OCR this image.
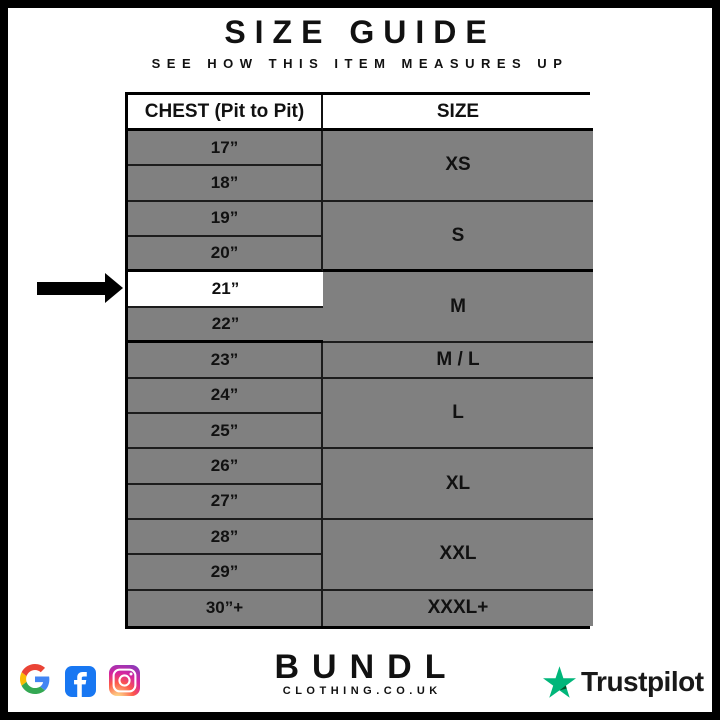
SIZE GUIDE
SEE HOW THIS ITEM MEASURES UP
CHEST (Pit to Pit)	SIZE
17”
18”
19”
20”
21”
22”
23”
24”
25”
26”
27”
28”
29”
30”+
M
XS
S
M / L
L
XL
XXL
XXXL+
BUNDL
CLOTHING.CO.UK	Trustpilot
